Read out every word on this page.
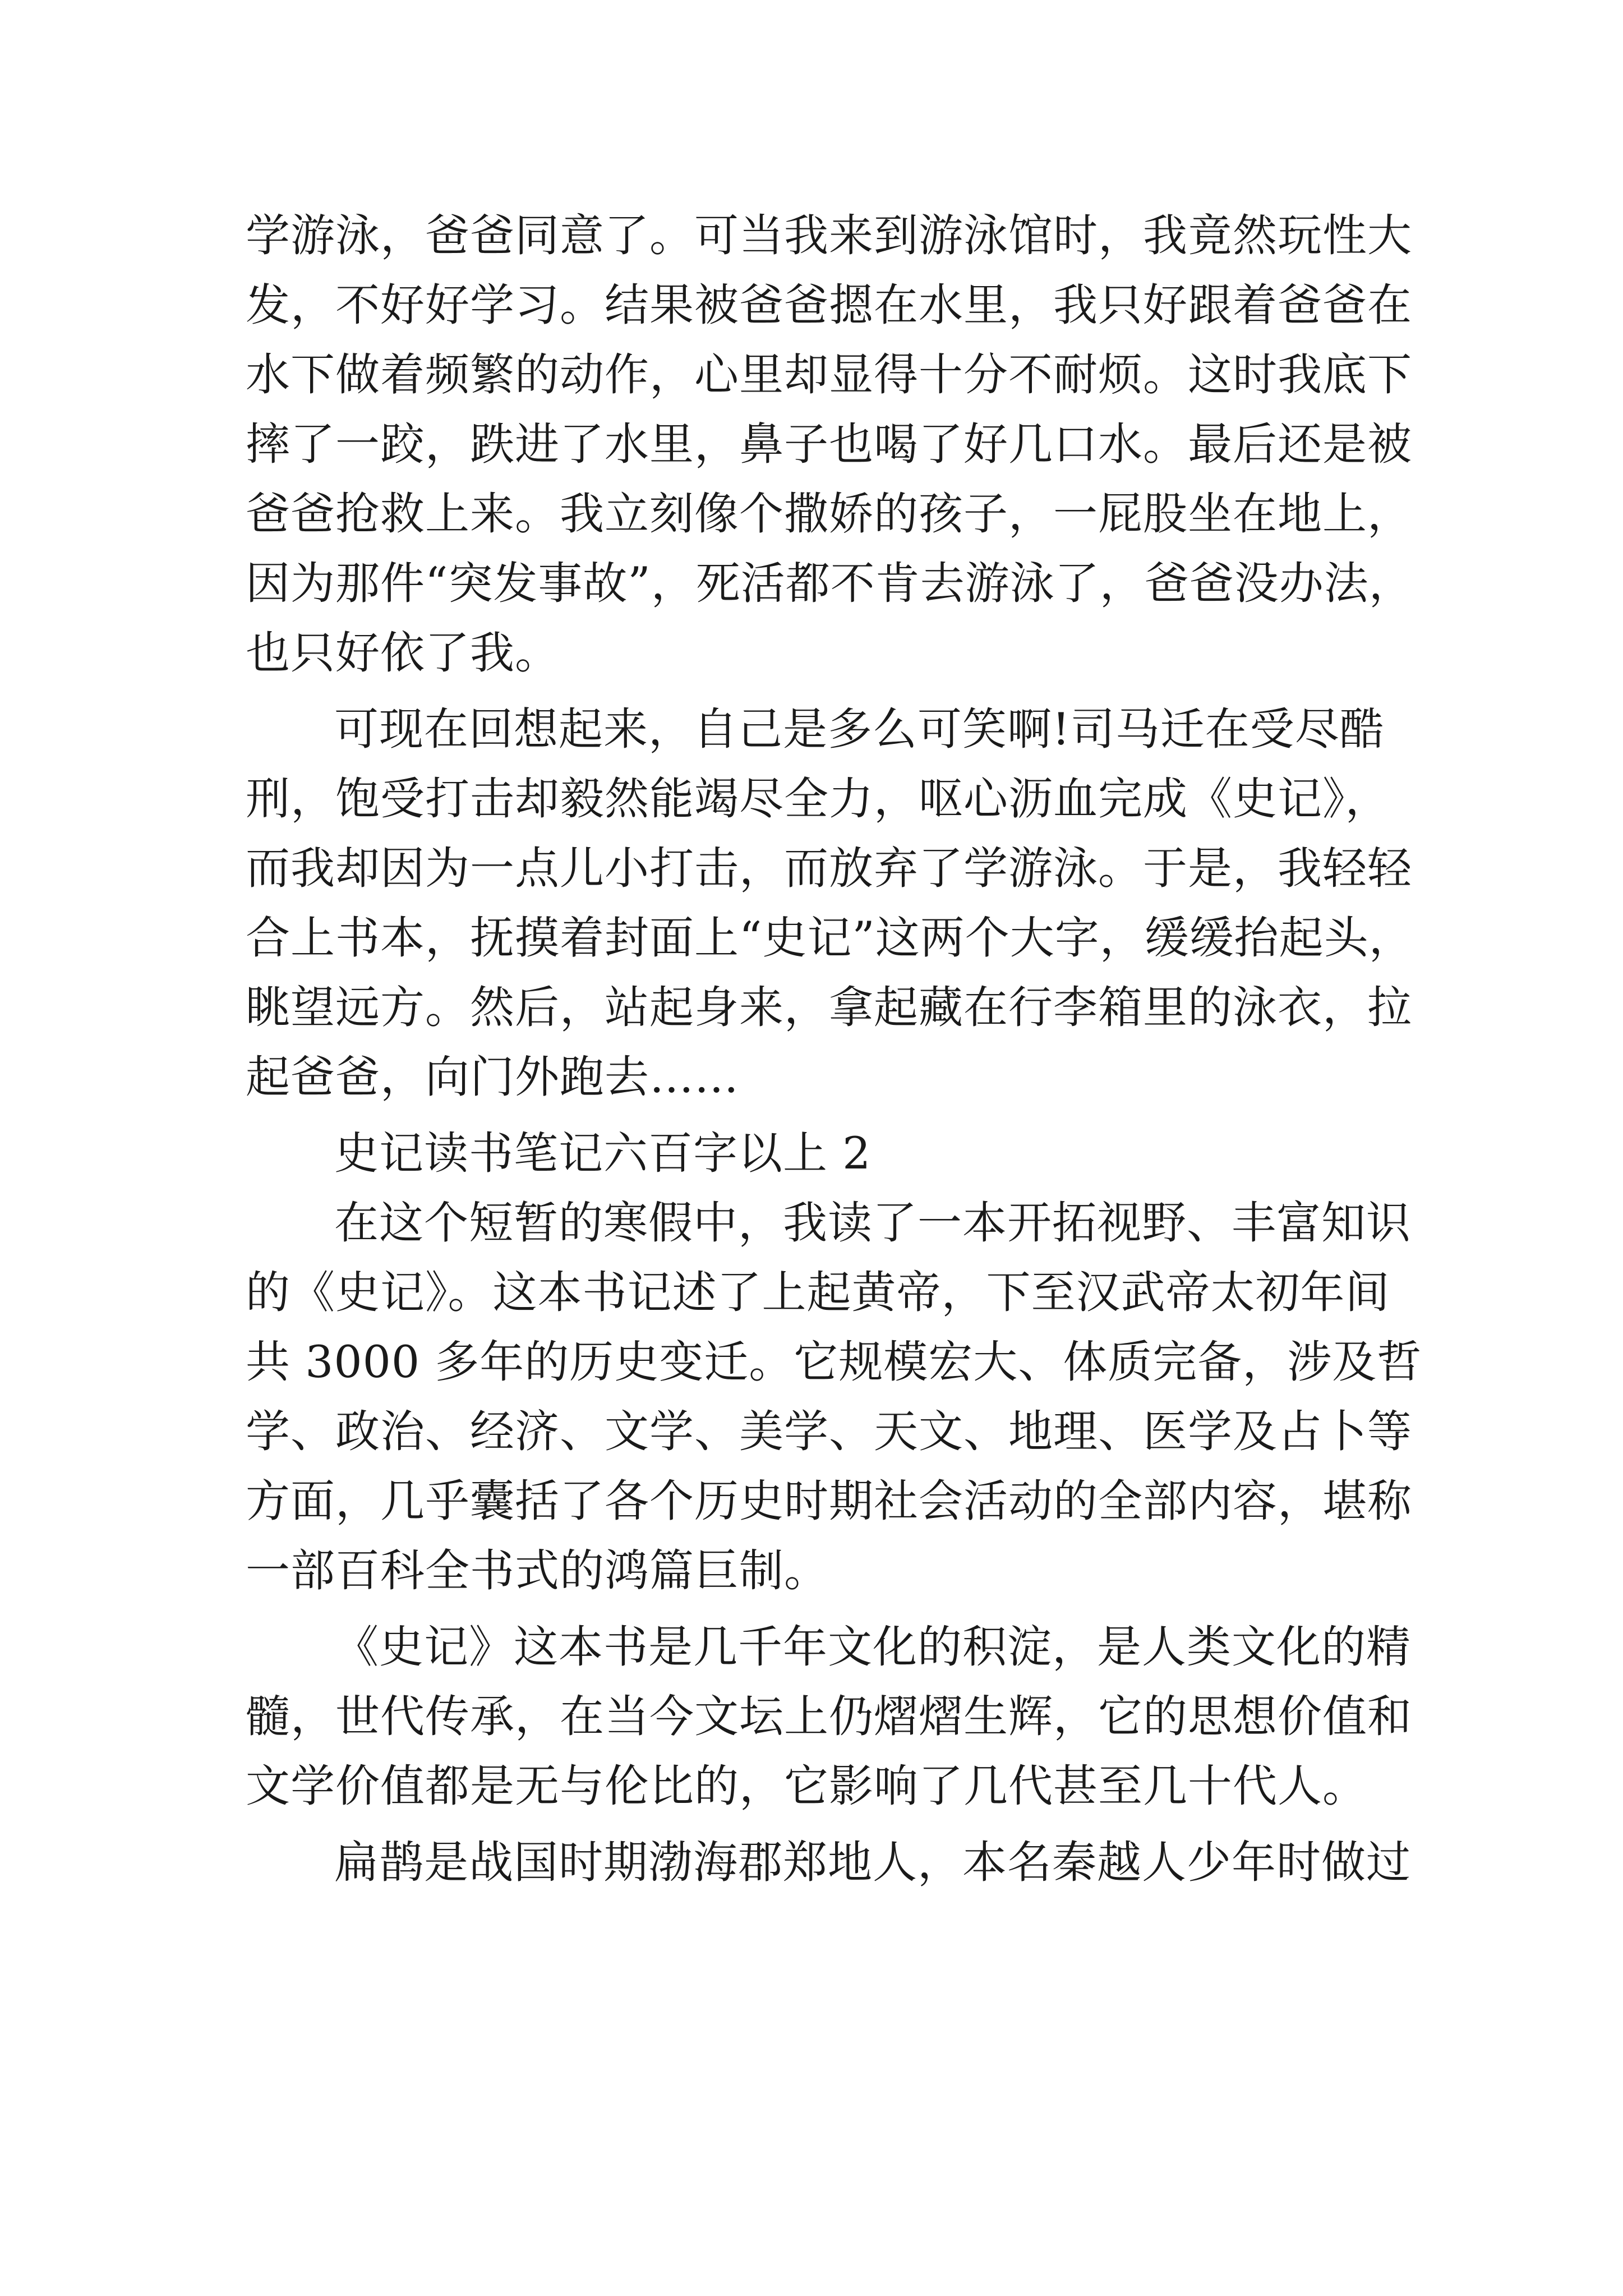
学游泳，爸爸同意了。可当我来到游泳馆时，我竟然玩性大
发，不好好学习。结果被爸爸摁在水里，我只好跟着爸爸在
水下做着频繁的动作，心里却显得十分不耐烦。这时我底下
摔了一跤，跌进了水里，鼻子也喝了好几口水。最后还是被
爸爸抢救上来。我立刻像个撒娇的孩子，一屁股坐在地上，
因为那件“突发事故”，死活都不肯去游泳了，爸爸没办法，
也只好依了我。
可现在回想起来，自己是多么可笑啊!司马迁在受尽酷
刑，饱受打击却毅然能竭尽全力，呕心沥血完成《史记》，
而我却因为一点儿小打击，而放弃了学游泳。于是，我轻轻
合上书本，抚摸着封面上“史记”这两个大字，缓缓抬起头，
眺望远方。然后，站起身来，拿起藏在行李箱里的泳衣，拉
起爸爸，向门外跑去……
史记读书笔记六百字以上 2
在这个短暂的寒假中，我读了一本开拓视野、丰富知识
的《史记》。这本书记述了上起黄帝，下至汉武帝太初年间
共 3000 多年的历史变迁。它规模宏大、体质完备，涉及哲
学、政治、经济、文学、美学、天文、地理、医学及占卜等
方面，几乎囊括了各个历史时期社会活动的全部内容，堪称
一部百科全书式的鸿篇巨制。
《史记》这本书是几千年文化的积淀，是人类文化的精
髓，世代传承，在当今文坛上仍熠熠生辉，它的思想价值和
文学价值都是无与伦比的，它影响了几代甚至几十代人。
扁鹊是战国时期渤海郡郑地人，本名秦越人少年时做过
